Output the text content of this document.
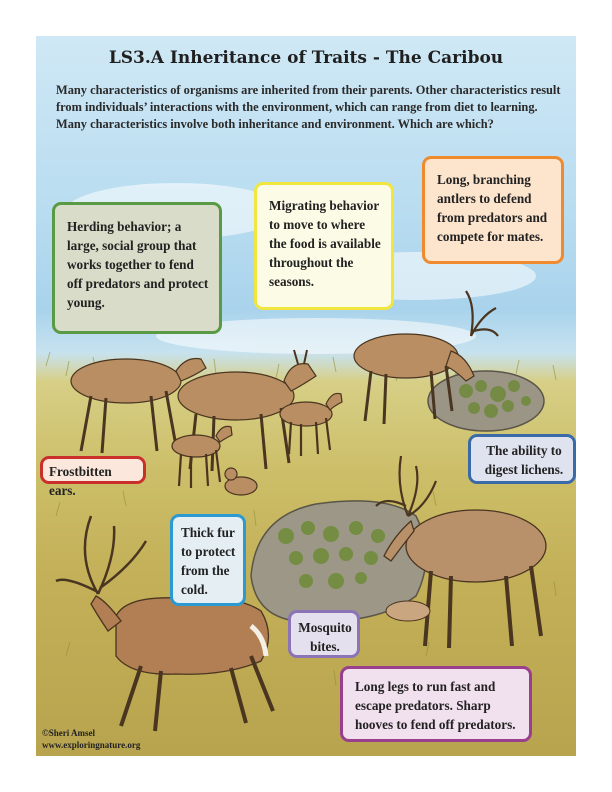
LS3.A Inheritance of Traits - The Caribou
Many characteristics of organisms are inherited from their parents. Other characteristics result from individuals’ interactions with the environment, which can range from diet to learning. Many characteristics involve both inheritance and environment. Which are which?
Herding behavior; a large, social group that works together to fend off predators and protect young.
Migrating behavior to move to where the food is available throughout the seasons.
Long, branching antlers to defend from predators and compete for mates.
Frostbitten ears.
The ability to digest lichens.
Thick fur to protect from the cold.
Mosquito bites.
Long legs to run fast and escape predators. Sharp hooves to fend off predators.
©Sheri Amsel
www.exploringnature.org
